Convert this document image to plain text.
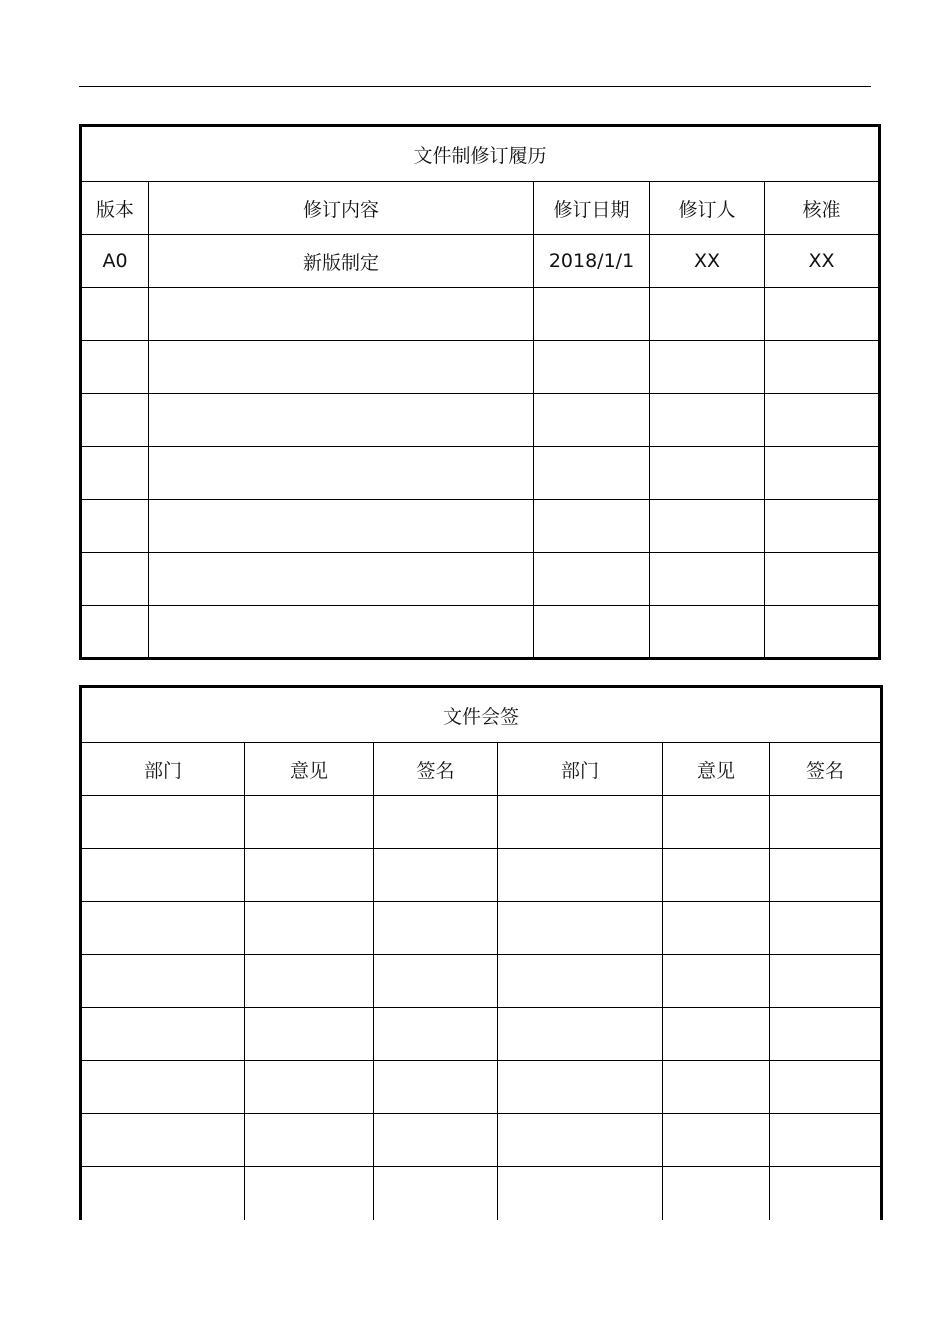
文件制修订履历				
版本	修订内容	修订日期	修订人	核准
A0	新版制定	2018/1/1	XX	XX

文件会签					
部门	意见	签名	部门	意见	签名
